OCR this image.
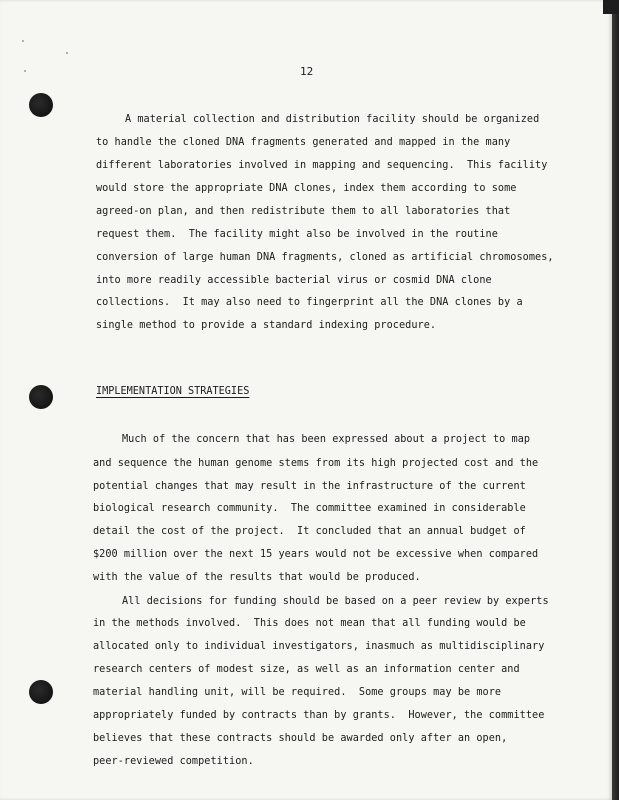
12
A material collection and distribution facility should be organized
to handle the cloned DNA fragments generated and mapped in the many
different laboratories involved in mapping and sequencing.  This facility
would store the appropriate DNA clones, index them according to some
agreed-on plan, and then redistribute them to all laboratories that
request them.  The facility might also be involved in the routine
conversion of large human DNA fragments, cloned as artificial chromosomes,
into more readily accessible bacterial virus or cosmid DNA clone
collections.  It may also need to fingerprint all the DNA clones by a
single method to provide a standard indexing procedure.
IMPLEMENTATION STRATEGIES
Much of the concern that has been expressed about a project to map
and sequence the human genome stems from its high projected cost and the
potential changes that may result in the infrastructure of the current
biological research community.  The committee examined in considerable
detail the cost of the project.  It concluded that an annual budget of
$200 million over the next 15 years would not be excessive when compared
with the value of the results that would be produced.
All decisions for funding should be based on a peer review by experts
in the methods involved.  This does not mean that all funding would be
allocated only to individual investigators, inasmuch as multidisciplinary
research centers of modest size, as well as an information center and
material handling unit, will be required.  Some groups may be more
appropriately funded by contracts than by grants.  However, the committee
believes that these contracts should be awarded only after an open,
peer-reviewed competition.
